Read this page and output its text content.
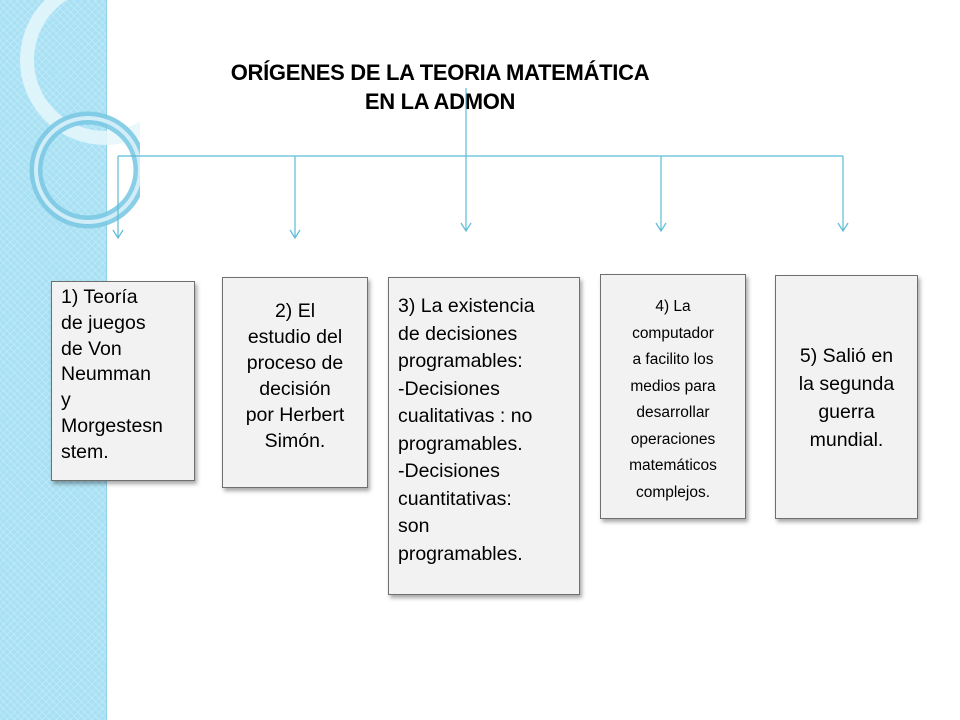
ORÍGENES DE LA TEORIA MATEMÁTICA
EN LA ADMON
1) Teoría
de juegos
de Von
Neumman
y
Morgestesn
stem.
2) El
estudio del
proceso de
decisión
por Herbert
Simón.
3) La existencia
de decisiones
programables:
-Decisiones
cualitativas : no
programables.
-Decisiones
cuantitativas:
son
programables.
4) La
computador
a facilito los
medios para
desarrollar
operaciones
matemáticos
complejos.
5) Salió en
la segunda
guerra
mundial.
